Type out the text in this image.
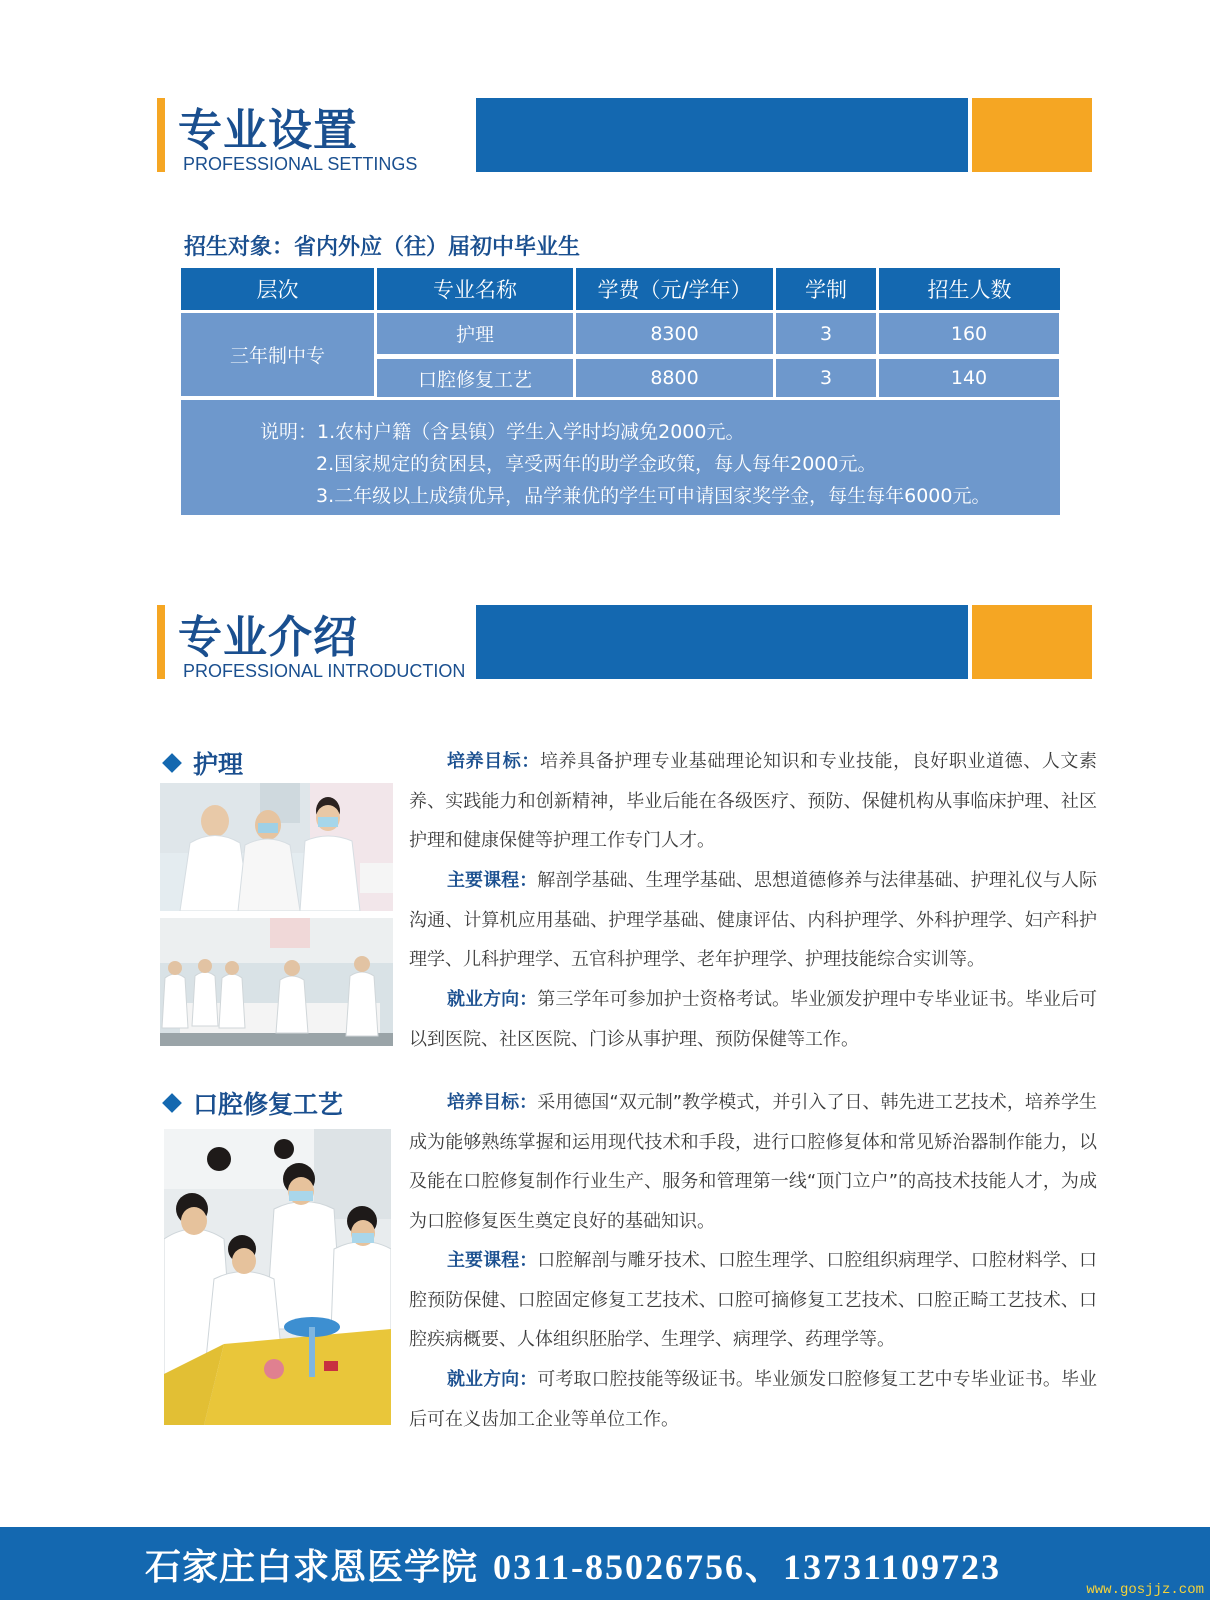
专业设置
PROFESSIONAL SETTINGS
招生对象：省内外应（往）届初中毕业生
层次	专业名称	学费（元/学年）	学制	招生人数
三年制中专
护理	8300	3	160
口腔修复工艺	8800	3	140
说明：1.农村户籍（含县镇）学生入学时均减免2000元。
2.国家规定的贫困县，享受两年的助学金政策，每人每年2000元。
3.二年级以上成绩优异，品学兼优的学生可申请国家奖学金，每生每年6000元。
专业介绍
PROFESSIONAL INTRODUCTION
护理	培养目标：培养具备护理专业基础理论知识和专业技能，良好职业道德、人文素养、实践能力和创新精神，毕业后能在各级医疗、预防、保健机构从事临床护理、社区护理和健康保健等护理工作专门人才。
主要课程：解剖学基础、生理学基础、思想道德修养与法律基础、护理礼仪与人际沟通、计算机应用基础、护理学基础、健康评估、内科护理学、外科护理学、妇产科护理学、儿科护理学、五官科护理学、老年护理学、护理技能综合实训等。
就业方向：第三学年可参加护士资格考试。毕业颁发护理中专毕业证书。毕业后可以到医院、社区医院、门诊从事护理、预防保健等工作。
口腔修复工艺	培养目标：采用德国“双元制”教学模式，并引入了日、韩先进工艺技术，培养学生成为能够熟练掌握和运用现代技术和手段，进行口腔修复体和常见矫治器制作能力，以及能在口腔修复制作行业生产、服务和管理第一线“顶门立户”的高技术技能人才，为成为口腔修复医生奠定良好的基础知识。
主要课程：口腔解剖与雕牙技术、口腔生理学、口腔组织病理学、口腔材料学、口腔预防保健、口腔固定修复工艺技术、口腔可摘修复工艺技术、口腔正畸工艺技术、口腔疾病概要、人体组织胚胎学、生理学、病理学、药理学等。
就业方向：可考取口腔技能等级证书。毕业颁发口腔修复工艺中专毕业证书。毕业后可在义齿加工企业等单位工作。
石家庄白求恩医学院 0311-85026756、13731109723
www.gosjjz.com
